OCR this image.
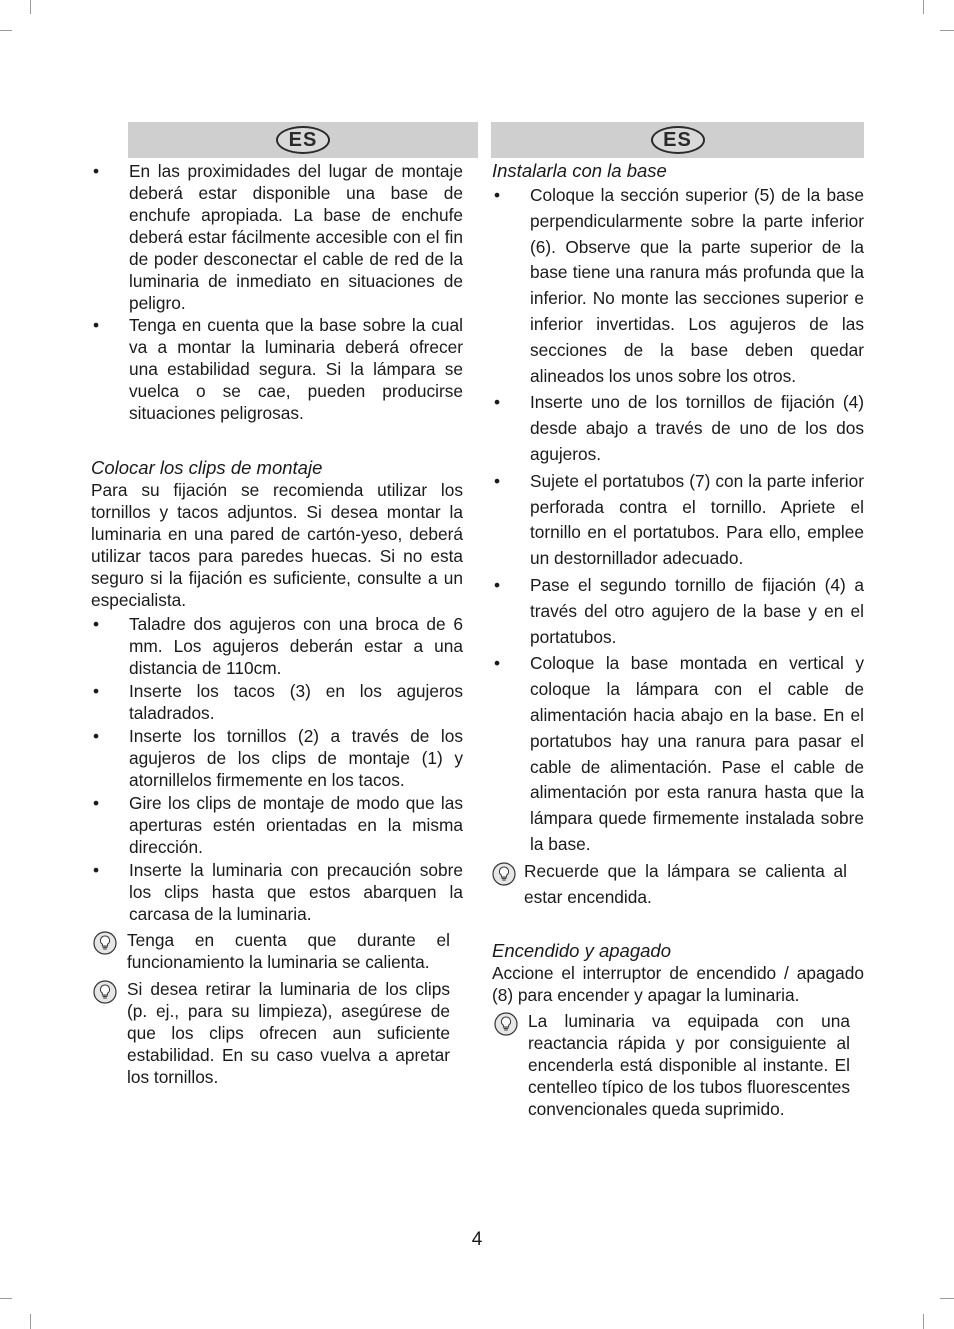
ES
• En las proximidades del lugar de montaje deberá estar disponible una base de enchufe apropiada. La base de enchufe deberá estar fácilmente accesible con el fin de poder desconectar el cable de red de la luminaria de inmediato en situaciones de peligro.
• Tenga en cuenta que la base sobre la cual va a montar la luminaria deberá ofrecer una estabilidad segura. Si la lámpara se vuelca o se cae, pueden producirse situaciones peligrosas.

Colocar los clips de montaje

Para su fijación se recomienda utilizar los tornillos y tacos adjuntos. Si desea montar la luminaria en una pared de cartón-yeso, deberá utilizar tacos para paredes huecas. Si no esta seguro si la fijación es suficiente, consulte a un especialista.

• Taladre dos agujeros con una broca de 6 mm. Los agujeros deberán estar a una distancia de 110cm.
• Inserte los tacos (3) en los agujeros taladrados.
• Inserte los tornillos (2) a través de los agujeros de los clips de montaje (1) y atornillelos firmemente en los tacos.
• Gire los clips de montaje de modo que las aperturas estén orientadas en la misma dirección.
• Inserte la luminaria con precaución sobre los clips hasta que estos abarquen la carcasa de la luminaria.
Tenga en cuenta que durante el funcionamiento la luminaria se calienta.
Si desea retirar la luminaria de los clips (p. ej., para su limpieza), asegúrese de que los clips ofrecen aun suficiente estabilidad. En su caso vuelva a apretar los tornillos.
ES

Instalarla con la base

• Coloque la sección superior (5) de la base perpendicularmente sobre la parte inferior (6). Observe que la parte superior de la base tiene una ranura más profunda que la inferior. No monte las secciones superior e inferior invertidas. Los agujeros de las secciones de la base deben quedar alineados los unos sobre los otros.
• Inserte uno de los tornillos de fijación (4) desde abajo a través de uno de los dos agujeros.
• Sujete el portatubos (7) con la parte inferior perforada contra el tornillo. Apriete el tornillo en el portatubos. Para ello, emplee un destornillador adecuado.
• Pase el segundo tornillo de fijación (4) a través del otro agujero de la base y en el portatubos.
• Coloque la base montada en vertical y coloque la lámpara con el cable de alimentación hacia abajo en la base. En el portatubos hay una ranura para pasar el cable de alimentación. Pase el cable de alimentación por esta ranura hasta que la lámpara quede firmemente instalada sobre la base.
Recuerde que la lámpara se calienta al estar encendida.

Encendido y apagado

Accione el interruptor de encendido / apagado (8) para encender y apagar la luminaria.

La luminaria va equipada con una reactancia rápida y por consiguiente al encenderla está disponible al instante. El centelleo típico de los tubos fluorescentes convencionales queda suprimido.
4
